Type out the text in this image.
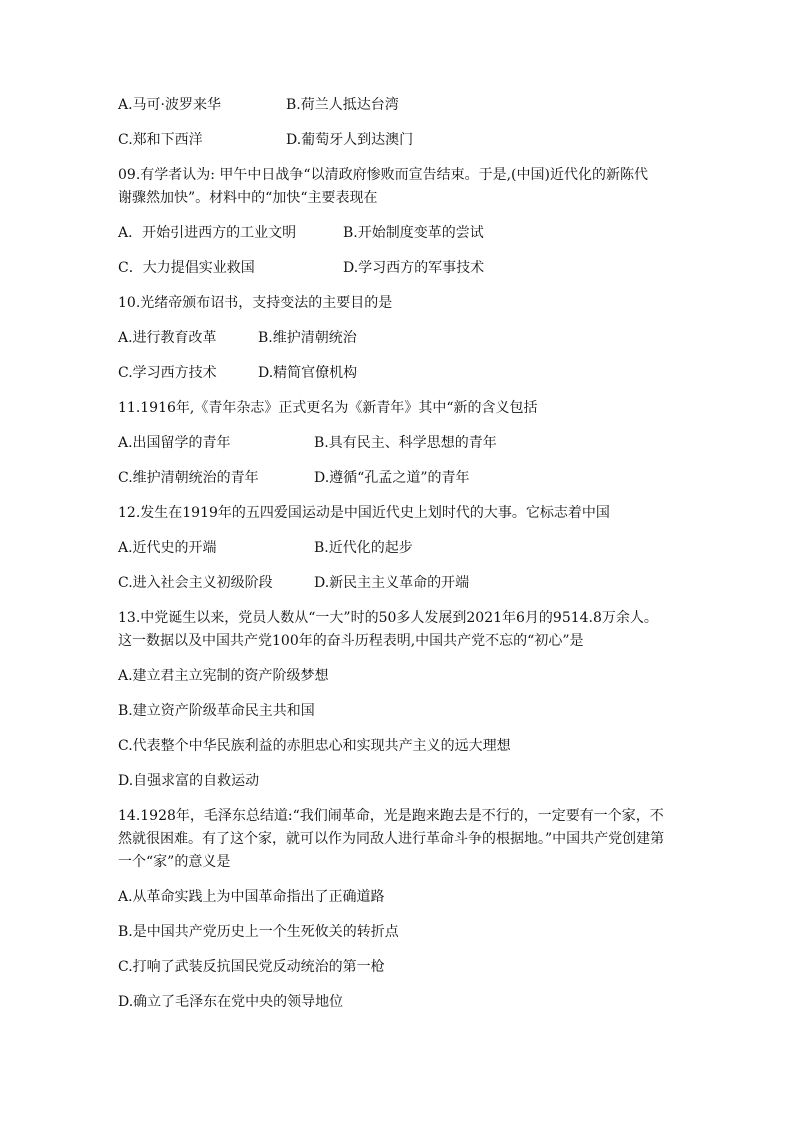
A.马可·波罗来华	B.荷兰人抵达台湾
C.郑和下西洋	D.葡萄牙人到达澳门
09.有学者认为: 甲午中日战争“以清政府惨败而宣告结束。于是,(中国)近代化的新陈代
谢骤然加快”。材料中的“加快“主要表现在
A．开始引进西方的工业文明	B.开始制度变革的尝试
C．大力提倡实业救国	D.学习西方的军事技术
10.光绪帝颁布诏书，支持变法的主要目的是
A.进行教育改革	B.维护清朝统治
C.学习西方技术	D.精简官僚机构
11.1916年,《青年杂志》正式更名为《新青年》其中“新的含义包括
A.出国留学的青年	B.具有民主、科学思想的青年
C.维护清朝统治的青年	D.遵循“孔孟之道”的青年
12.发生在1919年的五四爱国运动是中国近代史上划时代的大事。它标志着中国
A.近代史的开端	B.近代化的起步
C.进入社会主义初级阶段	D.新民主主义革命的开端
13.中党诞生以来，党员人数从“一大”时的50多人发展到2021年6月的9514.8万余人。
这一数据以及中国共产党100年的奋斗历程表明,中国共产党不忘的“初心”是
A.建立君主立宪制的资产阶级梦想
B.建立资产阶级革命民主共和国
C.代表整个中华民族利益的赤胆忠心和实现共产主义的远大理想
D.自强求富的自救运动
14.1928年，毛泽东总结道:“我们闹革命，光是跑来跑去是不行的，一定要有一个家，不
然就很困难。有了这个家，就可以作为同敌人进行革命斗争的根据地。”中国共产党创建第
一个“家”的意义是
A.从革命实践上为中国革命指出了正确道路
B.是中国共产党历史上一个生死攸关的转折点
C.打响了武装反抗国民党反动统治的第一枪
D.确立了毛泽东在党中央的领导地位
